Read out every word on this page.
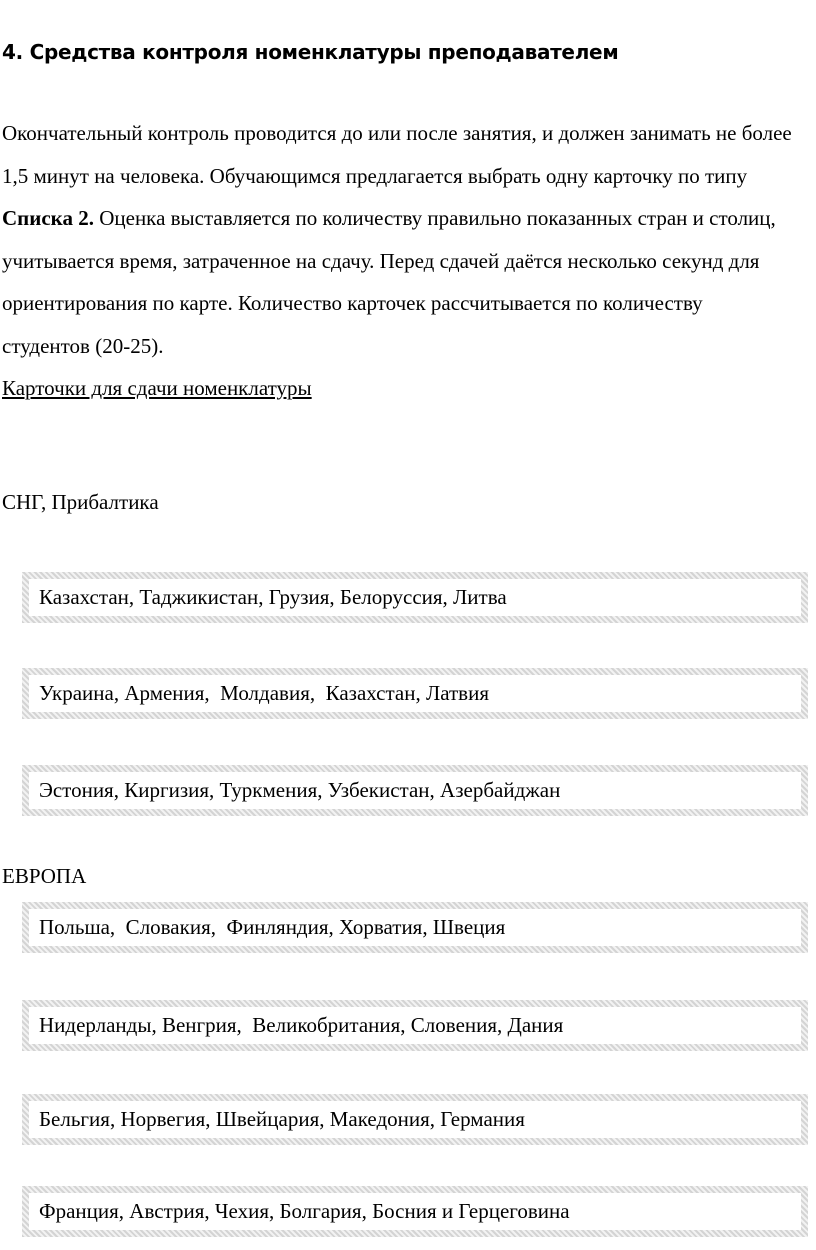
4. Средства контроля номенклатуры преподавателем

Окончательный контроль проводится до или после занятия, и должен занимать не более 1,5 минут на человека. Обучающимся предлагается выбрать одну карточку по типу Списка 2. Оценка выставляется по количеству правильно показанных стран и столиц, учитывается время, затраченное на сдачу. Перед сдачей даётся несколько секунд для ориентирования по карте. Количество карточек рассчитывается по количеству студентов (20-25).
Карточки для сдачи номенклатуры

СНГ, Прибалтика

Казахстан, Таджикистан, Грузия, Белоруссия, Литва
Украина, Армения,  Молдавия,  Казахстан, Латвия
Эстония, Киргизия, Туркмения, Узбекистан, Азербайджан

ЕВРОПА

Польша,  Словакия,  Финляндия, Хорватия, Швеция
Нидерланды, Венгрия,  Великобритания, Словения, Дания
Бельгия, Норвегия, Швейцария, Македония, Германия
Франция, Австрия, Чехия, Болгария, Босния и Герцеговина
